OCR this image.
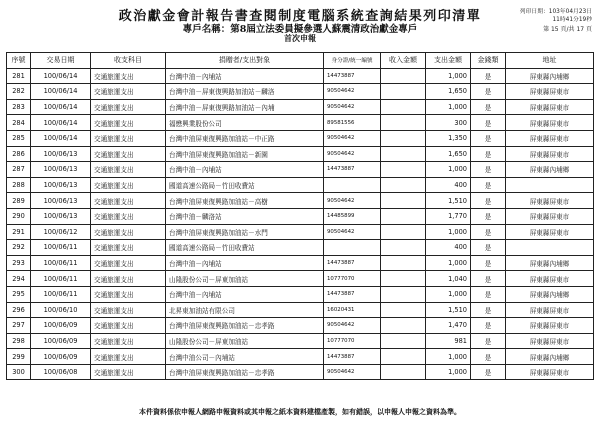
政治獻金會計報告書查閱制度電腦系統查詢結果列印清單
專戶名稱：第8屆立法委員擬參選人蘇震清政治獻金專戶
首次申報
列印日期：103年04月23日
11時41分19秒
第 15 頁/共 17 頁
序號	交易日期	收支科目	捐贈者/支出對象	身分證/統一編號	收入金額	支出金額	金錢類	地址
281	100/06/14	交通旅運支出	台灣中油－內埔站	14473887		1,000	是	屏東縣內埔鄉
282	100/06/14	交通旅運支出	台灣中油－屏東復興路加油站－麟洛	90504642		1,650	是	屏東縣屏東市
283	100/06/14	交通旅運支出	台灣中油－屏東復興路加油站－內埔	90504642		1,000	是	屏東縣屏東市
284	100/06/14	交通旅運支出	福懋興業股份公司	89581556		300	是	屏東縣屏東市
285	100/06/14	交通旅運支出	台灣中油屏東復興路加油站－中正路	90504642		1,350	是	屏東縣屏東市
286	100/06/13	交通旅運支出	台灣中油屏東復興路加油站－新園	90504642		1,650	是	屏東縣屏東市
287	100/06/13	交通旅運支出	台灣中油－內埔站	14473887		1,000	是	屏東縣內埔鄉
288	100/06/13	交通旅運支出	國道高速公路局－竹田收費站			400	是	
289	100/06/13	交通旅運支出	台灣中油屏東復興路加油站－高樹	90504642		1,510	是	屏東縣屏東市
290	100/06/13	交通旅運支出	台灣中油－麟洛站	14485899		1,770	是	屏東縣屏東市
291	100/06/12	交通旅運支出	台灣中油屏東復興路加油站－水門	90504642		1,000	是	屏東縣屏東市
292	100/06/11	交通旅運支出	國道高速公路局－竹田收費站			400	是	
293	100/06/11	交通旅運支出	台灣中油－內埔站	14473887		1,000	是	屏東縣內埔鄉
294	100/06/11	交通旅運支出	山隆股份公司－屏東加油站	10777070		1,040	是	屏東縣屏東市
295	100/06/11	交通旅運支出	台灣中油－內埔站	14473887		1,000	是	屏東縣內埔鄉
296	100/06/10	交通旅運支出	北昇東加油站有限公司	16020431		1,510	是	屏東縣屏東市
297	100/06/09	交通旅運支出	台灣中油屏東復興路加油站－忠孝路	90504642		1,470	是	屏東縣屏東市
298	100/06/09	交通旅運支出	山隆股份公司－屏東加油站	10777070		981	是	屏東縣屏東市
299	100/06/09	交通旅運支出	台灣中油公司－內埔站	14473887		1,000	是	屏東縣內埔鄉
300	100/06/08	交通旅運支出	台灣中油屏東復興路加油站－忠孝路	90504642		1,000	是	屏東縣屏東市
本件資料係依申報人網路申報資料或其申報之紙本資料建檔產製，如有錯誤，以申報人申報之資料為準。
